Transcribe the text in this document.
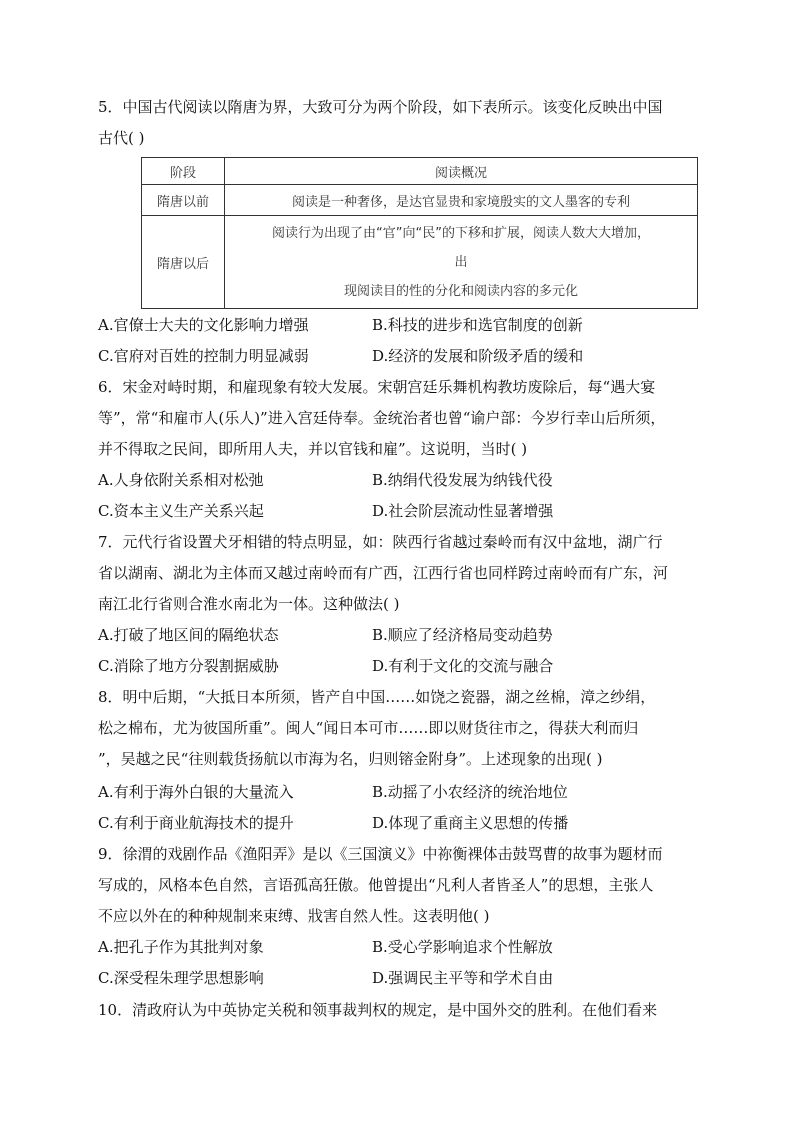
5．中国古代阅读以隋唐为界，大致可分为两个阶段，如下表所示。该变化反映出中国
古代( )
阶段	阅读概况
隋唐以前	阅读是一种奢侈，是达官显贵和家境殷实的文人墨客的专利
隋唐以后	阅读行为出现了由“官”向“民”的下移和扩展，阅读人数大大增加，
出
现阅读目的性的分化和阅读内容的多元化
A.官僚士大夫的文化影响力增强	B.科技的进步和选官制度的创新
C.官府对百姓的控制力明显减弱	D.经济的发展和阶级矛盾的缓和
6．宋金对峙时期，和雇现象有较大发展。宋朝宫廷乐舞机构教坊废除后，每“遇大宴
等”，常“和雇市人(乐人)”进入宫廷侍奉。金统治者也曾“谕户部：今岁行幸山后所须，
并不得取之民间，即所用人夫，并以官钱和雇”。这说明，当时( )
A.人身依附关系相对松弛	B.纳绢代役发展为纳钱代役
C.资本主义生产关系兴起	D.社会阶层流动性显著增强
7．元代行省设置犬牙相错的特点明显，如：陕西行省越过秦岭而有汉中盆地，湖广行
省以湖南、湖北为主体而又越过南岭而有广西，江西行省也同样跨过南岭而有广东，河
南江北行省则合淮水南北为一体。这种做法( )
A.打破了地区间的隔绝状态	B.顺应了经济格局变动趋势
C.消除了地方分裂割据威胁	D.有利于文化的交流与融合
8．明中后期，“大抵日本所须，皆产自中国……如饶之瓷器，湖之丝棉，漳之纱绢，
松之棉布，尤为彼国所重”。闽人“闻日本可市……即以财货往市之，得获大利而归
”，吴越之民“往则载货扬航以市海为名，归则镕金附身”。上述现象的出现( )
A.有利于海外白银的大量流入	B.动摇了小农经济的统治地位
C.有利于商业航海技术的提升	D.体现了重商主义思想的传播
9．徐渭的戏剧作品《渔阳弄》是以《三国演义》中祢衡裸体击鼓骂曹的故事为题材而
写成的，风格本色自然，言语孤高狂傲。他曾提出“凡利人者皆圣人”的思想，主张人
不应以外在的种种规制来束缚、戕害自然人性。这表明他( )
A.把孔子作为其批判对象	B.受心学影响追求个性解放
C.深受程朱理学思想影响	D.强调民主平等和学术自由
10．清政府认为中英协定关税和领事裁判权的规定，是中国外交的胜利。在他们看来
